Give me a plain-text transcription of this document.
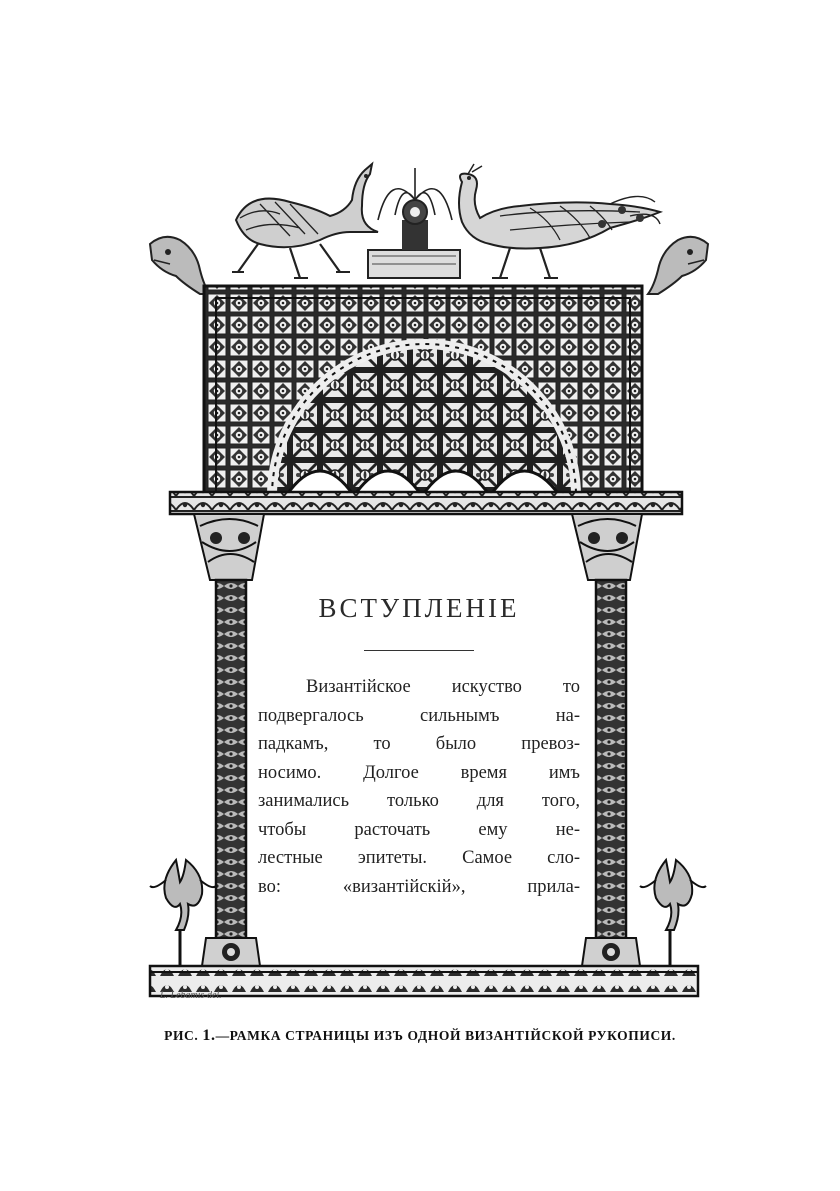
ВСТУПЛЕНIЕ

Византiйское искуство то

подвергалось сильнымъ на-

падкамъ, то было превоз-

носимо. Долгое время имъ

занимались только для того,

чтобы расточать ему не-

лестные эпитеты. Самое сло-

во: «византiйскiй», прила-

L. Lebamis del.
РИС. 1.—РАМКА СТРАНИЦЫ ИЗЪ ОДНОЙ ВИЗАНТIЙСКОЙ РУКОПИСИ.
